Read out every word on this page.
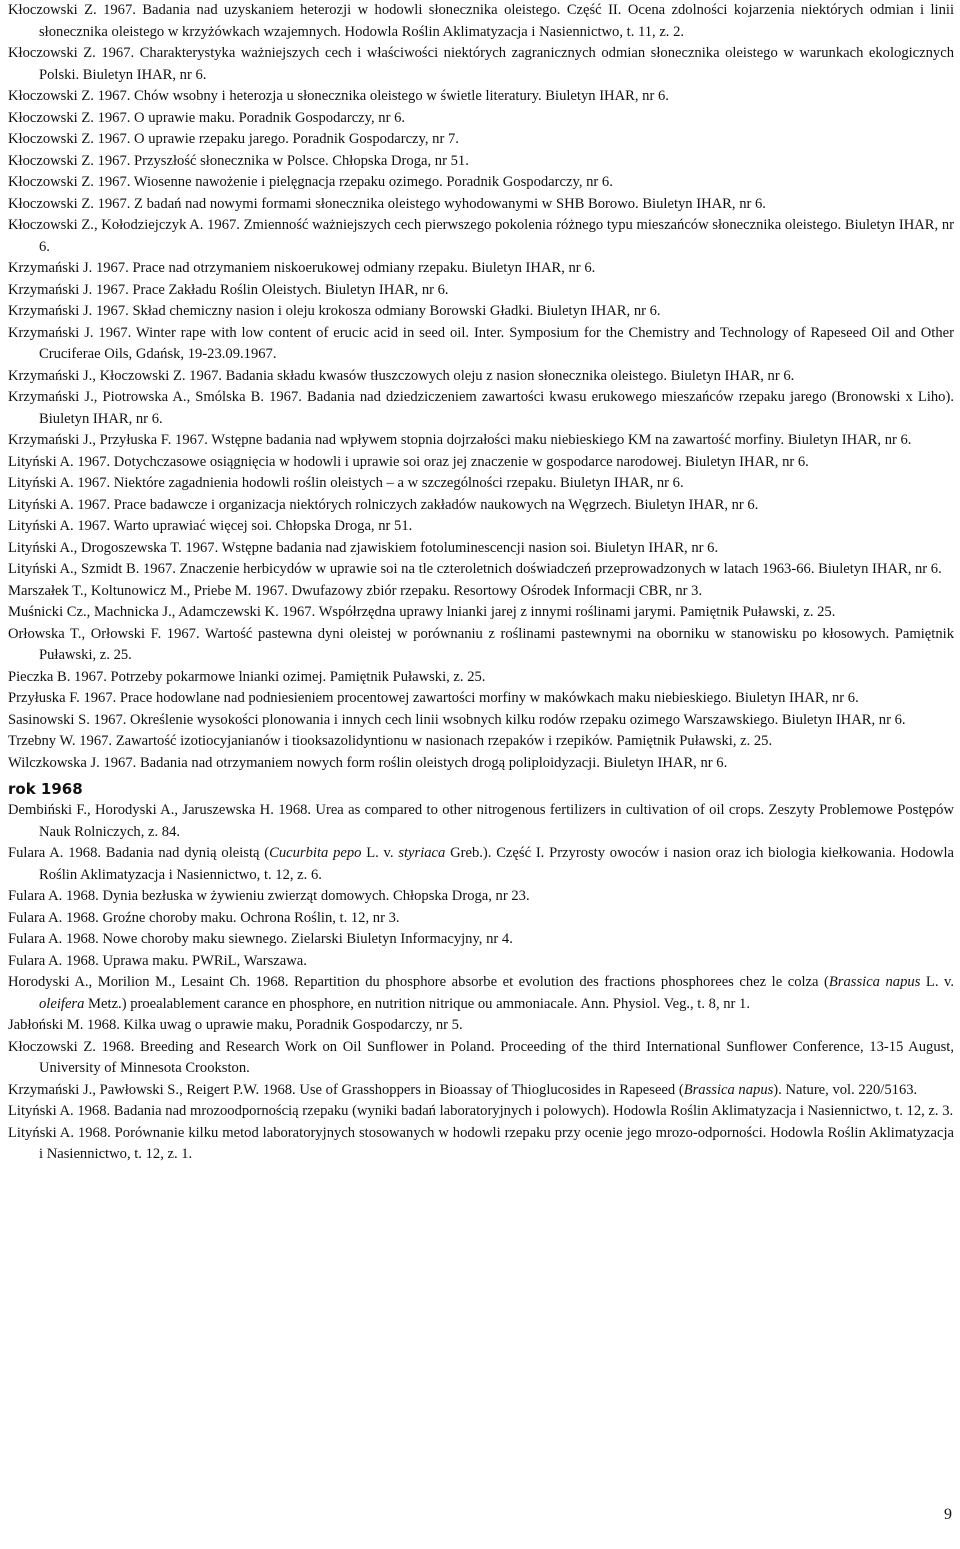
Kłoczowski Z. 1967. Badania nad uzyskaniem heterozji w hodowli słonecznika oleistego. Część II. Ocena zdolności kojarzenia niektórych odmian i linii słonecznika oleistego w krzyżówkach wzajemnych. Hodowla Roślin Aklimatyzacja i Nasiennictwo, t. 11, z. 2.

Kłoczowski Z. 1967. Charakterystyka ważniejszych cech i właściwości niektórych zagranicznych odmian słonecznika oleistego w warunkach ekologicznych Polski. Biuletyn IHAR, nr 6.

Kłoczowski Z. 1967. Chów wsobny i heterozja u słonecznika oleistego w świetle literatury. Biuletyn IHAR, nr 6.

Kłoczowski Z. 1967. O uprawie maku. Poradnik Gospodarczy, nr 6.

Kłoczowski Z. 1967. O uprawie rzepaku jarego. Poradnik Gospodarczy, nr 7.

Kłoczowski Z. 1967. Przyszłość słonecznika w Polsce. Chłopska Droga, nr 51.

Kłoczowski Z. 1967. Wiosenne nawożenie i pielęgnacja rzepaku ozimego. Poradnik Gospodarczy, nr 6.

Kłoczowski Z. 1967. Z badań nad nowymi formami słonecznika oleistego wyhodowanymi w SHB Borowo. Biuletyn IHAR, nr 6.

Kłoczowski Z., Kołodziejczyk A. 1967. Zmienność ważniejszych cech pierwszego pokolenia różnego typu mieszańców słonecznika oleistego. Biuletyn IHAR, nr 6.

Krzymański J. 1967. Prace nad otrzymaniem niskoerukowej odmiany rzepaku. Biuletyn IHAR, nr 6.

Krzymański J. 1967. Prace Zakładu Roślin Oleistych. Biuletyn IHAR, nr 6.

Krzymański J. 1967. Skład chemiczny nasion i oleju krokosza odmiany Borowski Gładki. Biuletyn IHAR, nr 6.

Krzymański J. 1967. Winter rape with low content of erucic acid in seed oil. Inter. Symposium for the Chemistry and Technology of Rapeseed Oil and Other Cruciferae Oils, Gdańsk, 19-23.09.1967.

Krzymański J., Kłoczowski Z. 1967. Badania składu kwasów tłuszczowych oleju z nasion słonecznika oleistego. Biuletyn IHAR, nr 6.

Krzymański J., Piotrowska A., Smólska B. 1967. Badania nad dziedziczeniem zawartości kwasu erukowego mieszańców rzepaku jarego (Bronowski x Liho). Biuletyn IHAR, nr 6.

Krzymański J., Przyłuska F. 1967. Wstępne badania nad wpływem stopnia dojrzałości maku niebieskiego KM na zawartość morfiny. Biuletyn IHAR, nr 6.

Lityński A. 1967. Dotychczasowe osiągnięcia w hodowli i uprawie soi oraz jej znaczenie w gospodarce narodowej. Biuletyn IHAR, nr 6.

Lityński A. 1967. Niektóre zagadnienia hodowli roślin oleistych – a w szczególności rzepaku. Biuletyn IHAR, nr 6.

Lityński A. 1967. Prace badawcze i organizacja niektórych rolniczych zakładów naukowych na Węgrzech. Biuletyn IHAR, nr 6.

Lityński A. 1967. Warto uprawiać więcej soi. Chłopska Droga, nr 51.

Lityński A., Drogoszewska T. 1967. Wstępne badania nad zjawiskiem fotoluminescencji nasion soi. Biuletyn IHAR, nr 6.

Lityński A., Szmidt B. 1967. Znaczenie herbicydów w uprawie soi na tle czteroletnich doświadczeń przeprowadzonych w latach 1963-66. Biuletyn IHAR, nr 6.

Marszałek T., Koltunowicz M., Priebe M. 1967. Dwufazowy zbiór rzepaku. Resortowy Ośrodek Informacji CBR, nr 3.

Muśnicki Cz., Machnicka J., Adamczewski K. 1967. Współrzędna uprawy lnianki jarej z innymi roślinami jarymi. Pamiętnik Puławski, z. 25.

Orłowska T., Orłowski F. 1967. Wartość pastewna dyni oleistej w porównaniu z roślinami pastewnymi na oborniku w stanowisku po kłosowych. Pamiętnik Puławski, z. 25.

Pieczka B. 1967. Potrzeby pokarmowe lnianki ozimej. Pamiętnik Puławski, z. 25.

Przyłuska F. 1967. Prace hodowlane nad podniesieniem procentowej zawartości morfiny w makówkach maku niebieskiego. Biuletyn IHAR, nr 6.

Sasinowski S. 1967. Określenie wysokości plonowania i innych cech linii wsobnych kilku rodów rzepaku ozimego Warszawskiego. Biuletyn IHAR, nr 6.

Trzebny W. 1967. Zawartość izotiocyjanianów i tiooksazolidyntionu w nasionach rzepaków i rzepików. Pamiętnik Puławski, z. 25.

Wilczkowska J. 1967. Badania nad otrzymaniem nowych form roślin oleistych drogą poliploidyzacji. Biuletyn IHAR, nr 6.

rok 1968

Dembiński F., Horodyski A., Jaruszewska H. 1968. Urea as compared to other nitrogenous fertilizers in cultivation of oil crops. Zeszyty Problemowe Postępów Nauk Rolniczych, z. 84.

Fulara A. 1968. Badania nad dynią oleistą (Cucurbita pepo L. v. styriaca Greb.). Część I. Przyrosty owoców i nasion oraz ich biologia kiełkowania. Hodowla Roślin Aklimatyzacja i Nasiennictwo, t. 12, z. 6.

Fulara A. 1968. Dynia bezłuska w żywieniu zwierząt domowych. Chłopska Droga, nr 23.

Fulara A. 1968. Groźne choroby maku. Ochrona Roślin, t. 12, nr 3.

Fulara A. 1968. Nowe choroby maku siewnego. Zielarski Biuletyn Informacyjny, nr 4.

Fulara A. 1968. Uprawa maku. PWRiL, Warszawa.

Horodyski A., Morilion M., Lesaint Ch. 1968. Repartition du phosphore absorbe et evolution des fractions phosphorees chez le colza (Brassica napus L. v. oleifera Metz.) proealablement carance en phosphore, en nutrition nitrique ou ammoniacale. Ann. Physiol. Veg., t. 8, nr 1.

Jabłoński M. 1968. Kilka uwag o uprawie maku, Poradnik Gospodarczy, nr 5.

Kłoczowski Z. 1968. Breeding and Research Work on Oil Sunflower in Poland. Proceeding of the third International Sunflower Conference, 13-15 August, University of Minnesota Crookston.

Krzymański J., Pawłowski S., Reigert P.W. 1968. Use of Grasshoppers in Bioassay of Thioglucosides in Rapeseed (Brassica napus). Nature, vol. 220/5163.

Lityński A. 1968. Badania nad mrozoodpornością rzepaku (wyniki badań laboratoryjnych i polowych). Hodowla Roślin Aklimatyzacja i Nasiennictwo, t. 12, z. 3.

Lityński A. 1968. Porównanie kilku metod laboratoryjnych stosowanych w hodowli rzepaku przy ocenie jego mrozo-odporności. Hodowla Roślin Aklimatyzacja i Nasiennictwo, t. 12, z. 1.

9
